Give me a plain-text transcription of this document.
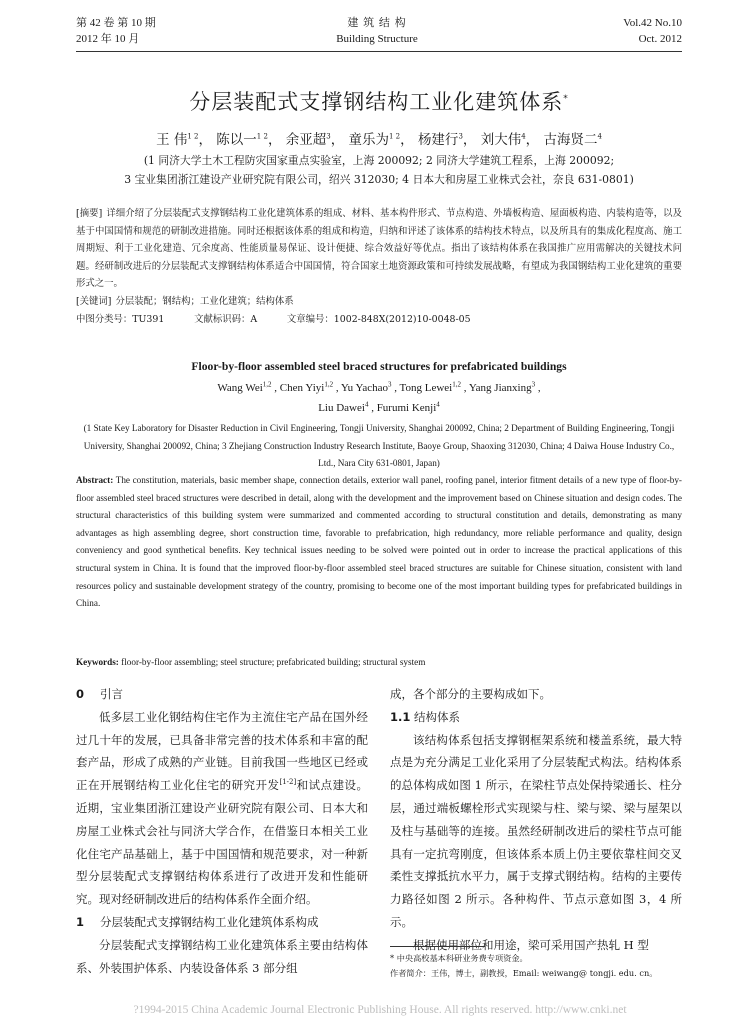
第 42 卷 第 10 期
2012 年 10 月
建 筑 结 构
Building Structure
Vol.42 No.10
Oct. 2012
分层装配式支撑钢结构工业化建筑体系*
王 伟$^{1 2}$， 陈以一$^{1 2}$， 余亚超$^3$， 童乐为$^{1 2}$， 杨建行$^3$， 刘大伟$^4$， 古海贤二$^4$
(1 同济大学土木工程防灾国家重点实验室，上海 200092; 2 同济大学建筑工程系，上海 200092;
3 宝业集团浙江建设产业研究院有限公司，绍兴 312030; 4 日本大和房屋工业株式会社，奈良 631-0801)

[摘要] 详细介绍了分层装配式支撑钢结构工业化建筑体系的组成、材料、基本构件形式、节点构造、外墙板构造、屋面板构造、内装构造等，以及基于中国国情和规范的研制改进措施。同时还根据该体系的组成和构造，归纳和评述了该体系的结构技术特点，以及所具有的集成化程度高、施工周期短、利于工业化建造、冗余度高、性能质量易保证、设计便捷、综合效益好等优点。指出了该结构体系在我国推广应用需解决的关键技术问题。经研制改进后的分层装配式支撑钢结构体系适合中国国情，符合国家土地资源政策和可持续发展战略，有望成为我国钢结构工业化建筑的重要形式之一。

[关键词] 分层装配；钢结构；工业化建筑；结构体系

中图分类号：TU391          文献标识码：A          文章编号：1002-848X(2012)10-0048-05

Floor-by-floor assembled steel braced structures for prefabricated buildings
Wang Wei$^{1,2}$ , Chen Yiyi$^{1,2}$ , Yu Yachao$^3$ , Tong Lewei$^{1,2}$ , Yang Jianxing$^3$ ,
Liu Dawei$^4$ , Furumi Kenji$^4$
(1 State Key Laboratory for Disaster Reduction in Civil Engineering, Tongji University, Shanghai 200092, China; 2 Department of Building Engineering, Tongji University, Shanghai 200092, China; 3 Zhejiang Construction Industry Research Institute, Baoye Group, Shaoxing 312030, China; 4 Daiwa House Industry Co., Ltd., Nara City 631-0801, Japan)
Abstract: The constitution, materials, basic member shape, connection details, exterior wall panel, roofing panel, interior fitment details of a new type of floor-by-floor assembled steel braced structures were described in detail, along with the development and the improvement based on Chinese situation and design codes. The structural characteristics of this building system were summarized and commented according to structural constitution and details, demonstrating as many advantages as high assembling degree, short construction time, favorable to prefabrication, high redundancy, more reliable performance and quality, design conveniency and good synthetical benefits. Key technical issues needing to be solved were pointed out in order to increase the practical applications of this structural system in China. It is found that the improved floor-by-floor assembled steel braced structures are suitable for Chinese situation, consistent with land resources policy and sustainable development strategy of the country, promising to become one of the most important building types for prefabricated buildings in China.
Keywords: floor-by-floor assembling; steel structure; prefabricated building; structural system

0 引言

低多层工业化钢结构住宅作为主流住宅产品在国外经过几十年的发展，已具备非常完善的技术体系和丰富的配套产品，形成了成熟的产业链。目前我国一些地区已经或正在开展钢结构工业化住宅的研究开发[1-2]和试点建设。近期，宝业集团浙江建设产业研究院有限公司、日本大和房屋工业株式会社与同济大学合作，在借鉴日本相关工业化住宅产品基础上，基于中国国情和规范要求，对一种新型分层装配式支撑钢结构体系进行了改进开发和性能研究。现对经研制改进后的结构体系作全面介绍。

1 分层装配式支撑钢结构工业化建筑体系构成

分层装配式支撑钢结构工业化建筑体系主要由结构体系、外装围护体系、内装设备体系 3 部分组

成，各个部分的主要构成如下。

1.1 结构体系

该结构体系包括支撑钢框架系统和楼盖系统，最大特点是为充分满足工业化采用了分层装配式构法。结构体系的总体构成如图 1 所示，在梁柱节点处保持梁通长、柱分层，通过端板螺栓形式实现梁与柱、梁与梁、梁与屋架以及柱与基础等的连接。虽然经研制改进后的梁柱节点可能具有一定抗弯刚度，但该体系本质上仍主要依靠柱间交叉柔性支撑抵抗水平力，属于支撑式钢结构。结构的主要传力路径如图 2 所示。各种构件、节点示意如图 3，4 所示。

根据使用部位和用途，梁可采用国产热轧 H 型

* 中央高校基本科研业务费专项资金。
作者简介：王伟，博士，副教授，Email: weiwang@ tongji. edu. cn。
?1994-2015 China Academic Journal Electronic Publishing House. All rights reserved. http://www.cnki.net
